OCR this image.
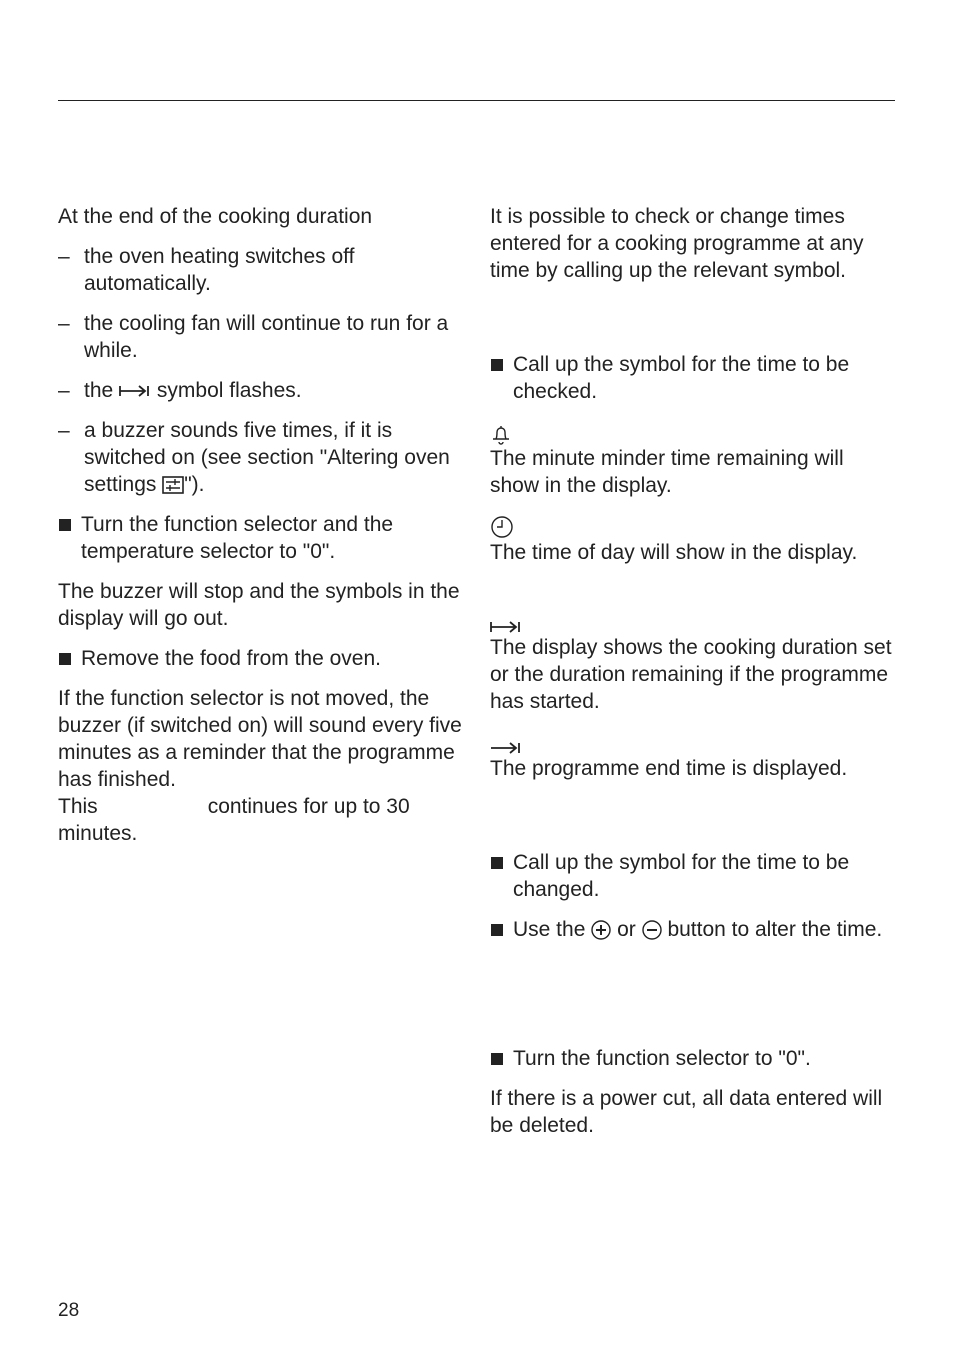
At the end of the cooking duration

– the oven heating switches off automatically.

– the cooling fan will continue to run for a while.

– the symbol flashes.

– a buzzer sounds five times, if it is switched on (see section "Altering oven settings ").

Turn the function selector and the temperature selector to "0".

The buzzer will stop and the symbols in the display will go out.

Remove the food from the oven.

If the function selector is not moved, the buzzer (if switched on) will sound every five minutes as a reminder that the programme has finished.

This	continues for up to 30 minutes.

It is possible to check or change times entered for a cooking programme at any time by calling up the relevant symbol.

Call up the symbol for the time to be checked.

The minute minder time remaining will show in the display.

The time of day will show in the display.

The display shows the cooking duration set or the duration remaining if the programme has started.

The programme end time is displayed.

Call up the symbol for the time to be changed.

Use the or button to alter the time.

Turn the function selector to "0".

If there is a power cut, all data entered will be deleted.

28
